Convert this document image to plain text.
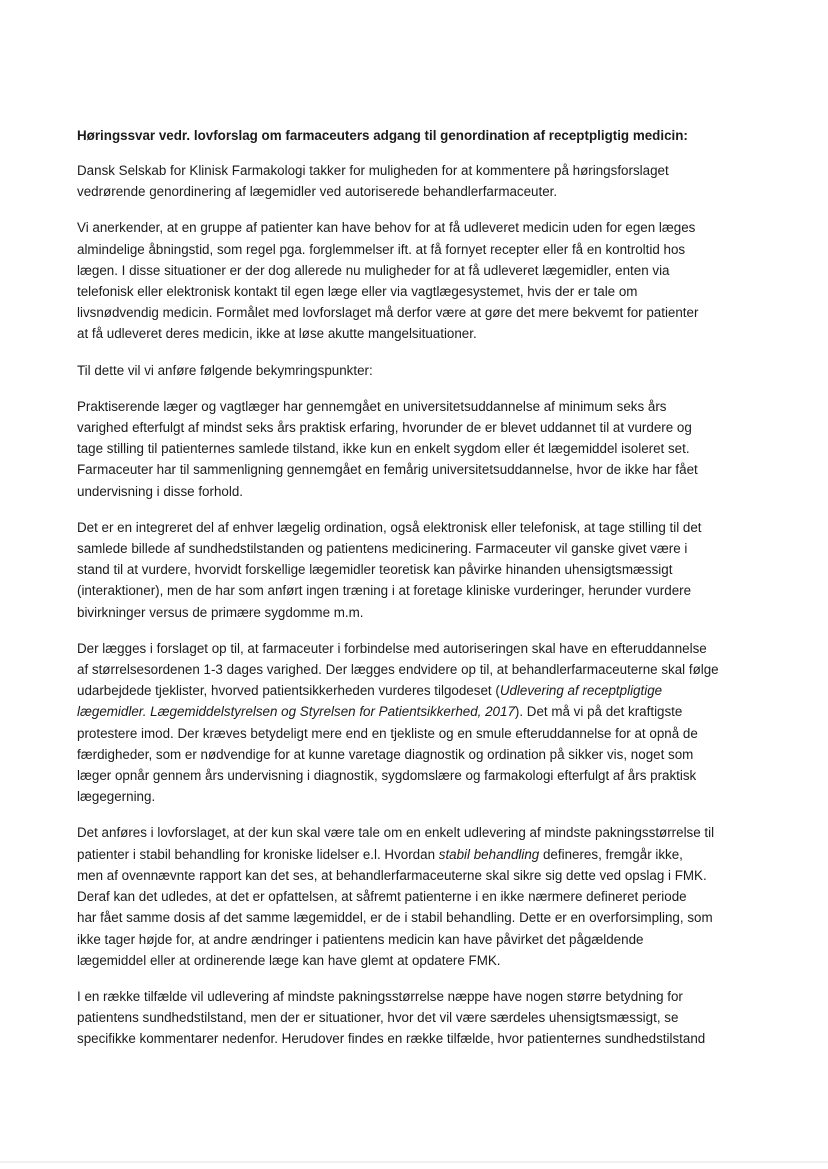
Høringssvar vedr. lovforslag om farmaceuters adgang til genordination af receptpligtig medicin:
Dansk Selskab for Klinisk Farmakologi takker for muligheden for at kommentere på høringsforslaget
vedrørende genordinering af lægemidler ved autoriserede behandlerfarmaceuter.
Vi anerkender, at en gruppe af patienter kan have behov for at få udleveret medicin uden for egen læges
almindelige åbningstid, som regel pga. forglemmelser ift. at få fornyet recepter eller få en kontroltid hos
lægen. I disse situationer er der dog allerede nu muligheder for at få udleveret lægemidler, enten via
telefonisk eller elektronisk kontakt til egen læge eller via vagtlægesystemet, hvis der er tale om
livsnødvendig medicin. Formålet med lovforslaget må derfor være at gøre det mere bekvemt for patienter
at få udleveret deres medicin, ikke at løse akutte mangelsituationer.
Til dette vil vi anføre følgende bekymringspunkter:
Praktiserende læger og vagtlæger har gennemgået en universitetsuddannelse af minimum seks års
varighed efterfulgt af mindst seks års praktisk erfaring, hvorunder de er blevet uddannet til at vurdere og
tage stilling til patienternes samlede tilstand, ikke kun en enkelt sygdom eller ét lægemiddel isoleret set.
Farmaceuter har til sammenligning gennemgået en femårig universitetsuddannelse, hvor de ikke har fået
undervisning i disse forhold.
Det er en integreret del af enhver lægelig ordination, også elektronisk eller telefonisk, at tage stilling til det
samlede billede af sundhedstilstanden og patientens medicinering. Farmaceuter vil ganske givet være i
stand til at vurdere, hvorvidt forskellige lægemidler teoretisk kan påvirke hinanden uhensigtsmæssigt
(interaktioner), men de har som anført ingen træning i at foretage kliniske vurderinger, herunder vurdere
bivirkninger versus de primære sygdomme m.m.
Der lægges i forslaget op til, at farmaceuter i forbindelse med autoriseringen skal have en efteruddannelse
af størrelsesordenen 1-3 dages varighed. Der lægges endvidere op til, at behandlerfarmaceuterne skal følge
udarbejdede tjeklister, hvorved patientsikkerheden vurderes tilgodeset (Udlevering af receptpligtige
lægemidler. Lægemiddelstyrelsen og Styrelsen for Patientsikkerhed, 2017). Det må vi på det kraftigste
protestere imod. Der kræves betydeligt mere end en tjekliste og en smule efteruddannelse for at opnå de
færdigheder, som er nødvendige for at kunne varetage diagnostik og ordination på sikker vis, noget som
læger opnår gennem års undervisning i diagnostik, sygdomslære og farmakologi efterfulgt af års praktisk
lægegerning.
Det anføres i lovforslaget, at der kun skal være tale om en enkelt udlevering af mindste pakningsstørrelse til
patienter i stabil behandling for kroniske lidelser e.l. Hvordan stabil behandling defineres, fremgår ikke,
men af ovennævnte rapport kan det ses, at behandlerfarmaceuterne skal sikre sig dette ved opslag i FMK.
Deraf kan det udledes, at det er opfattelsen, at såfremt patienterne i en ikke nærmere defineret periode
har fået samme dosis af det samme lægemiddel, er de i stabil behandling. Dette er en overforsimpling, som
ikke tager højde for, at andre ændringer i patientens medicin kan have påvirket det pågældende
lægemiddel eller at ordinerende læge kan have glemt at opdatere FMK.
I en række tilfælde vil udlevering af mindste pakningsstørrelse næppe have nogen større betydning for
patientens sundhedstilstand, men der er situationer, hvor det vil være særdeles uhensigtsmæssigt, se
specifikke kommentarer nedenfor. Herudover findes en række tilfælde, hvor patienternes sundhedstilstand
